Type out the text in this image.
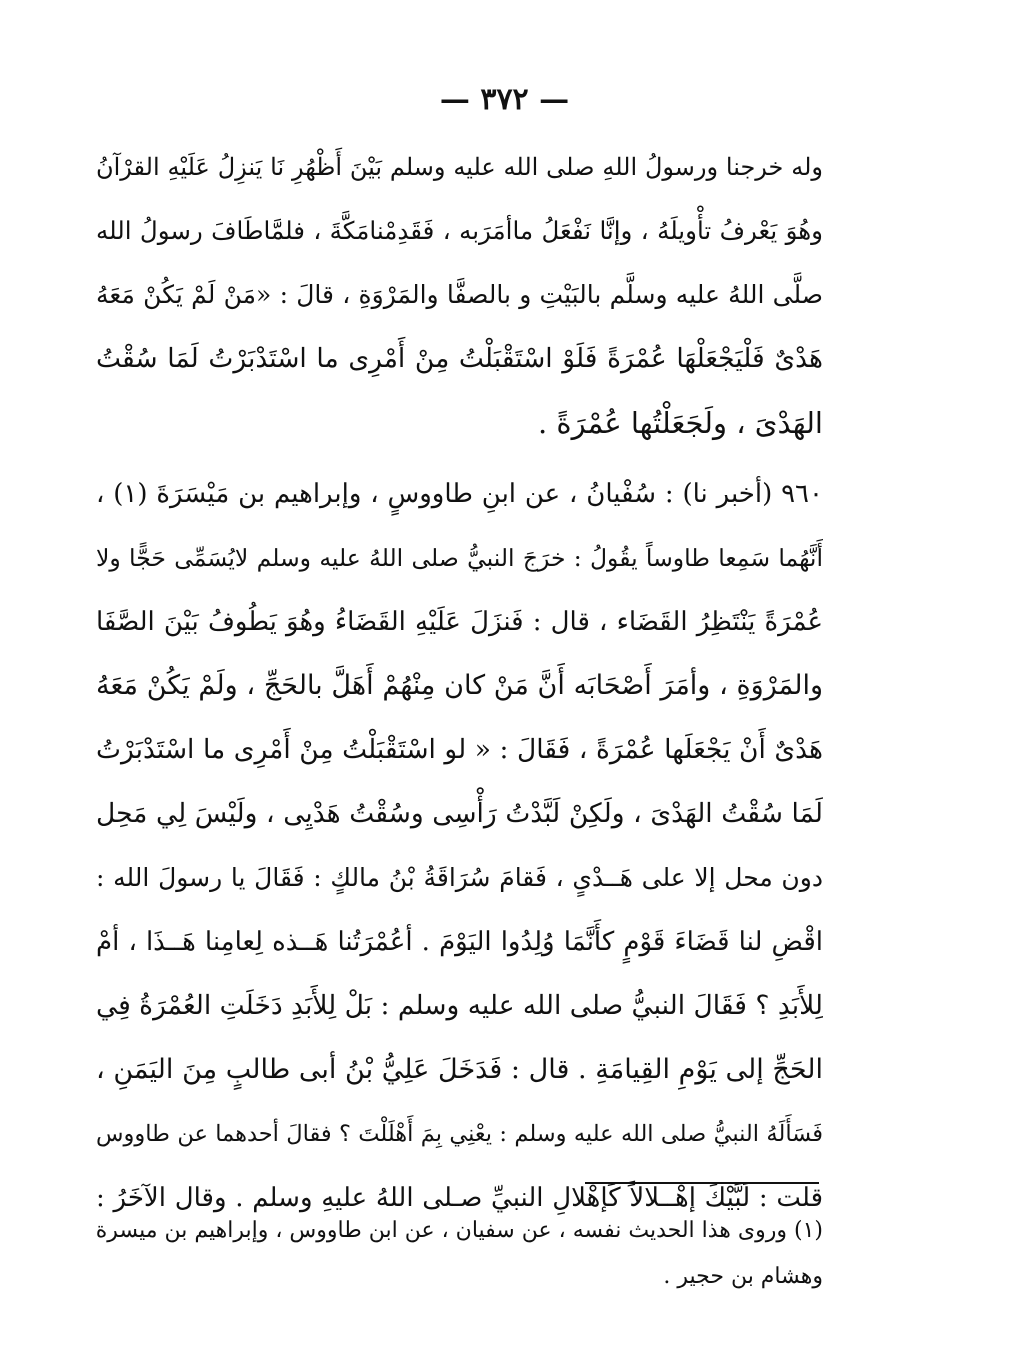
— ٣٧٢ —
وله خرجنا ورسولُ اللهِ صلى الله عليه وسلم بَيْنَ أَظْهُرِ نَا يَنزِلُ عَلَيْهِ القرْآنُ
وهُوَ يَعْرفُ تأْويلَهُ ، وإنَّا نَفْعَلُ ماأمَرَبه ، فَقَدِمْنامَكَّةَ ، فلمَّاطَافَ رسولُ الله
صلَّى اللهُ عليه وسلَّم بالبَيْتِ و بالصفَّا والمَرْوَةِ ، قالَ : «مَنْ لَمْ يَكُنْ مَعَهُ
هَدْىٌ فَلْيَجْعَلْهَا عُمْرَةً فَلَوْ اسْتَقْبَلْتُ مِنْ أَمْرِى ما اسْتَدْبَرْتُ لَمَا سُقْتُ
الهَدْىَ ، ولَجَعَلْتُها عُمْرَةً .
٩٦٠ (أخبر نا) : سُفْيانُ ، عن ابنِ طاووسٍ ، وإبراهيم بن مَيْسَرَةَ (١) ،
أَنَّهُما سَمِعا طاوساً يقُولُ : خرَجَ النبيُّ صلى اللهُ عليه وسلم لايُسَمِّى حَجًّا ولا
عُمْرَةً يَنْتَظِرُ القَضَاء ، قال : فَنزَلَ عَلَيْهِ القَضَاءُ وهُوَ يَطُوفُ بَيْنَ الصَّفَا
والمَرْوَةِ ، وأمَرَ أَصْحَابَه أَنَّ مَنْ كان مِنْهُمْ أَهَلَّ بالحَجِّ ، ولَمْ يَكُنْ مَعَهُ
هَدْىٌ أَنْ يَجْعَلَها عُمْرَةً ، فَقَالَ : « لو اسْتَقْبَلْتُ مِنْ أَمْرِى ما اسْتَدْبَرْتُ
لَمَا سُقْتُ الهَدْىَ ، ولَكِنْ لَبَّدْتُ رَأْسِى وسُقْتُ هَدْيِى ، ولَيْسَ لِي مَحِل
دون محل إلا على هَــدْىٍ ، فَقامَ سُرَاقَةُ بْنُ مالكٍ : فَقَالَ يا رسولَ الله :
اقْضِ لنا قَضَاءَ قَوْمٍ كأَنَّمَا وُلِدُوا اليَوْمَ . أعُمْرَتُنا هَــذه لِعامِنا هَــذَا ، أمْ
لِلأَبَدِ ؟ فَقَالَ النبيُّ صلى الله عليه وسلم : بَلْ لِلأَبَدِ دَخَلَتِ العُمْرَةُ فِي
الحَجِّ إلى يَوْمِ القِيامَةِ . قال : فَدَخَلَ عَلِيُّ بْنُ أبى طالبٍ مِنَ اليَمَنِ ،
فَسَأَلَهُ النبيُّ صلى الله عليه وسلم : يعْنِي بِمَ أَهْلَلْتَ ؟ فقالَ أحدهما عن طاووس
قلت : لَبَّيْكَ إهْــلالاً كَإهْلالِ النبيِّ صـلى اللهُ عليهِ وسلم . وقال الآخَرُ :
(١) وروى هذا الحديث نفسه ، عن سفيان ، عن ابن طاووس ، وإبراهيم بن ميسرة
وهشام بن حجير .
